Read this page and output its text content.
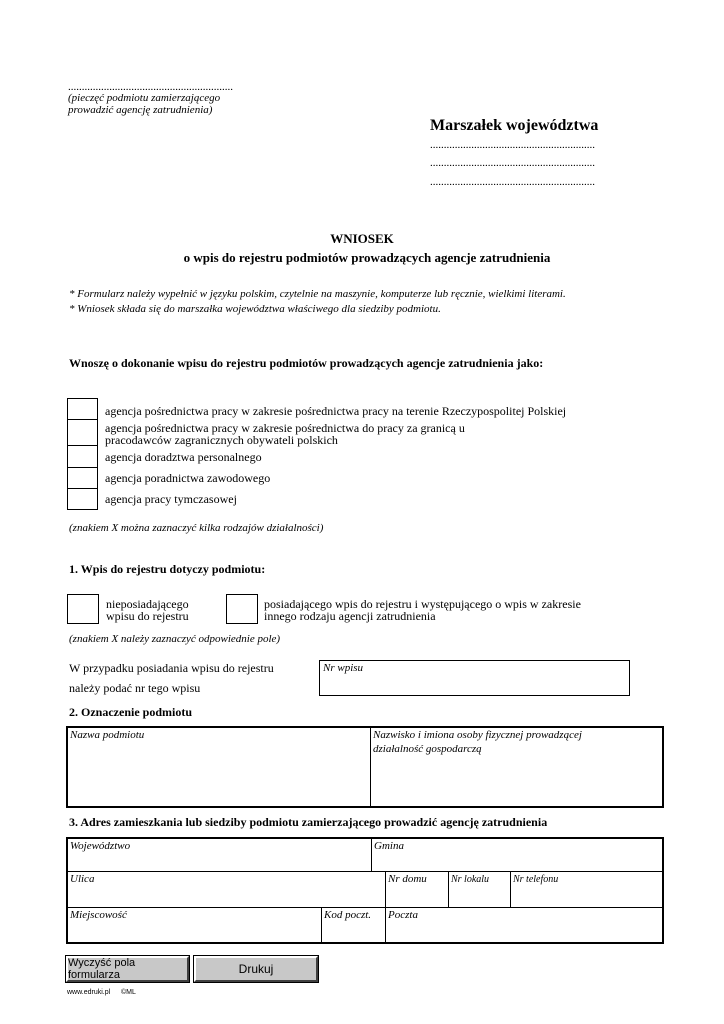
............................................................
(pieczęć podmiotu zamierzającego
prowadzić agencję zatrudnienia)
Marszałek województwa
............................................................
............................................................
............................................................
WNIOSEK
o wpis do rejestru podmiotów prowadzących agencje zatrudnienia
* Formularz należy wypełnić w języku polskim, czytelnie na maszynie, komputerze lub ręcznie, wielkimi literami.
* Wniosek składa się do marszałka województwa właściwego dla siedziby podmiotu.
Wnoszę o dokonanie wpisu do rejestru podmiotów prowadzących agencje zatrudnienia jako:
agencja pośrednictwa pracy w zakresie pośrednictwa pracy na terenie Rzeczypospolitej Polskiej
agencja pośrednictwa pracy w zakresie pośrednictwa do pracy za granicą u
pracodawców zagranicznych obywateli polskich
agencja doradztwa personalnego
agencja poradnictwa zawodowego
agencja pracy tymczasowej
(znakiem X można zaznaczyć kilka rodzajów działalności)
1. Wpis do rejestru dotyczy podmiotu:
nieposiadającego
wpisu do rejestru
posiadającego wpis do rejestru i występującego o wpis w zakresie
innego rodzaju agencji zatrudnienia
(znakiem X należy zaznaczyć odpowiednie pole)
W przypadku posiadania wpisu do rejestru
należy podać nr tego wpisu
Nr wpisu
2. Oznaczenie podmiotu
Nazwa podmiotu	Nazwisko i imiona osoby fizycznej prowadzącej
działalność gospodarczą
3. Adres zamieszkania lub siedziby podmiotu zamierzającego prowadzić agencję zatrudnienia
Województwo	Gmina
Ulica	Nr domu Nr lokalu Nr telefonu
Miejscowość	Kod poczt. Poczta
Wyczyść pola formularza	Drukuj
www.edruki.pl ©ML
